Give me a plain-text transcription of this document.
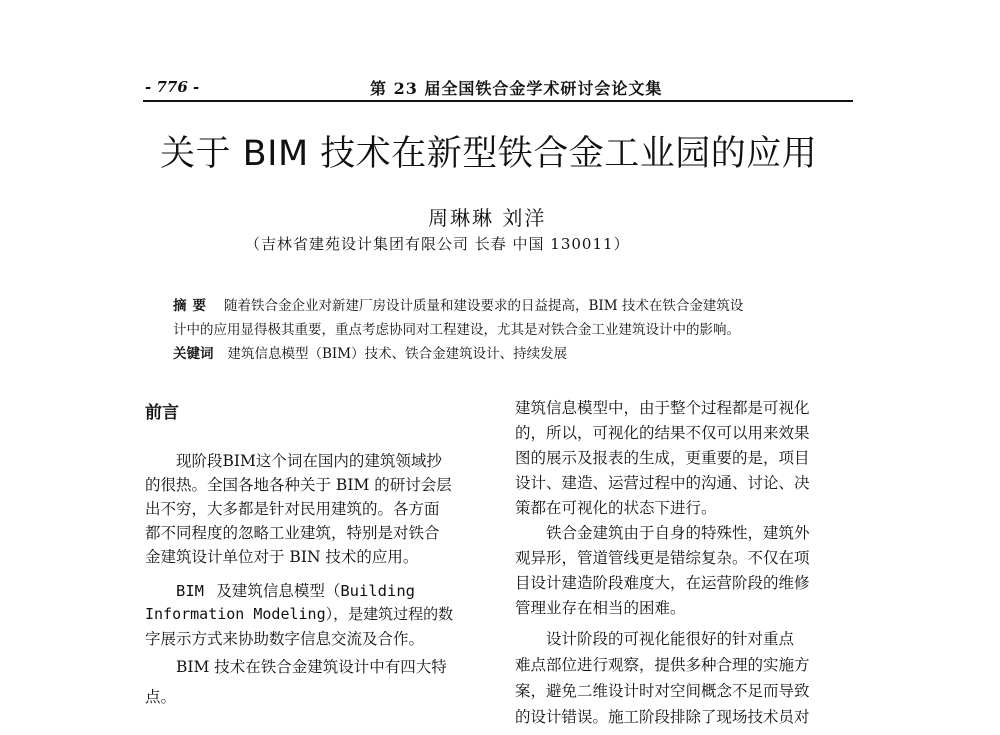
- 776 -	第 23 届全国铁合金学术研讨会论文集
关于 BIM 技术在新型铁合金工业园的应用
周琳琳 刘洋
（吉林省建苑设计集团有限公司 长春 中国 130011）
摘要 随着铁合金企业对新建厂房设计质量和建设要求的日益提高，BIM 技术在铁合金建筑设
计中的应用显得极其重要，重点考虑协同对工程建设，尤其是对铁合金工业建筑设计中的影响。
关键词 建筑信息模型（BIM）技术、铁合金建筑设计、持续发展
前言
　　现阶段BIM这个词在国内的建筑领域抄
的很热。全国各地各种关于 BIM 的研讨会层
出不穷，大多都是针对民用建筑的。各方面
都不同程度的忽略工业建筑，特别是对铁合
金建筑设计单位对于 BIN 技术的应用。
　　BIM 及建筑信息模型（Building
Information Modeling），是建筑过程的数
字展示方式来协助数字信息交流及合作。
　　BIM 技术在铁合金建筑设计中有四大特
点。
建筑信息模型中，由于整个过程都是可视化
的，所以，可视化的结果不仅可以用来效果
图的展示及报表的生成，更重要的是，项目
设计、建造、运营过程中的沟通、讨论、决
策都在可视化的状态下进行。
　　铁合金建筑由于自身的特殊性，建筑外
观异形，管道管线更是错综复杂。不仅在项
目设计建造阶段难度大，在运营阶段的维修
管理业存在相当的困难。
　　设计阶段的可视化能很好的针对重点
难点部位进行观察，提供多种合理的实施方
案，避免二维设计时对空间概念不足而导致
的设计错误。施工阶段排除了现场技术员对
